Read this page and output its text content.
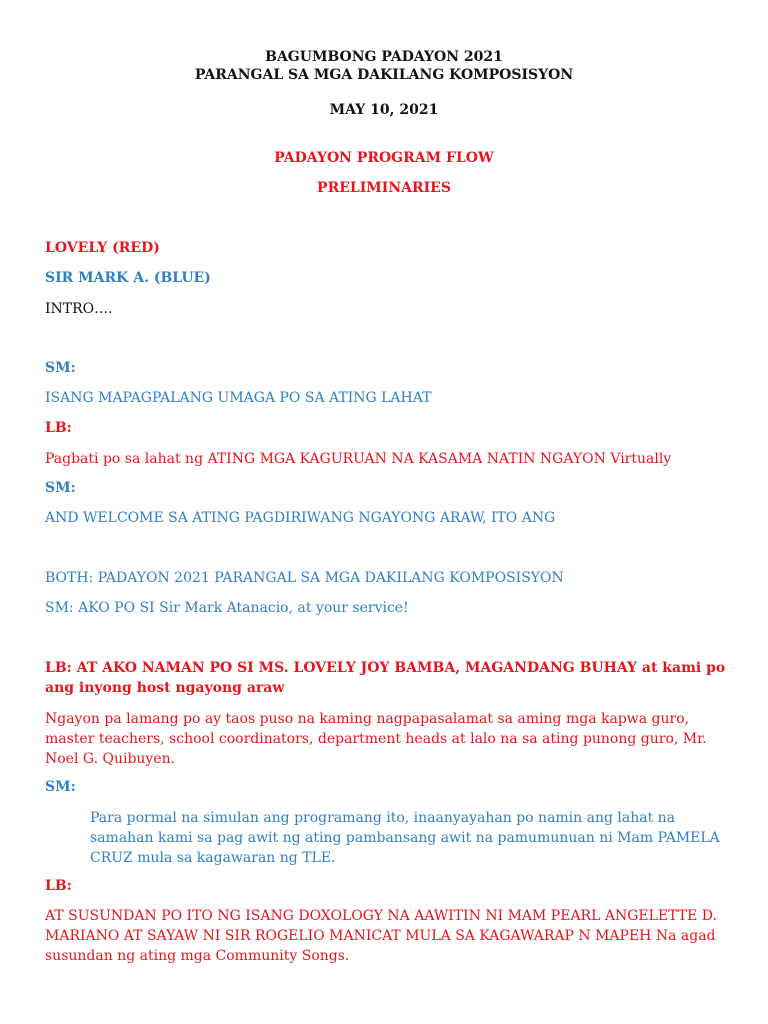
BAGUMBONG PADAYON 2021
PARANGAL SA MGA DAKILANG KOMPOSISYON
MAY 10, 2021
PADAYON PROGRAM FLOW
PRELIMINARIES
LOVELY (RED)
SIR MARK A. (BLUE)
INTRO….
SM:
ISANG MAPAGPALANG UMAGA PO SA ATING LAHAT
LB:
Pagbati po sa lahat ng ATING MGA KAGURUAN NA KASAMA NATIN NGAYON Virtually
SM:
AND WELCOME SA ATING PAGDIRIWANG NGAYONG ARAW, ITO ANG
BOTH: PADAYON 2021 PARANGAL SA MGA DAKILANG KOMPOSISYON
SM: AKO PO SI Sir Mark Atanacio, at your service!
LB: AT AKO NAMAN PO SI MS. LOVELY JOY BAMBA, MAGANDANG BUHAY at kami po ang inyong host ngayong araw
Ngayon pa lamang po ay taos puso na kaming nagpapasalamat sa aming mga kapwa guro, master teachers, school coordinators, department heads at lalo na sa ating punong guro, Mr. Noel G. Quibuyen.
SM:
Para pormal na simulan ang programang ito, inaanyayahan po namin ang lahat na samahan kami sa pag awit ng ating pambansang awit na pamumunuan ni Mam PAMELA CRUZ mula sa kagawaran ng TLE.
LB:
AT SUSUNDAN PO ITO NG ISANG DOXOLOGY NA AAWITIN NI MAM PEARL ANGELETTE D. MARIANO AT SAYAW NI SIR ROGELIO MANICAT MULA SA KAGAWARAP N MAPEH Na agad susundan ng ating mga Community Songs.
